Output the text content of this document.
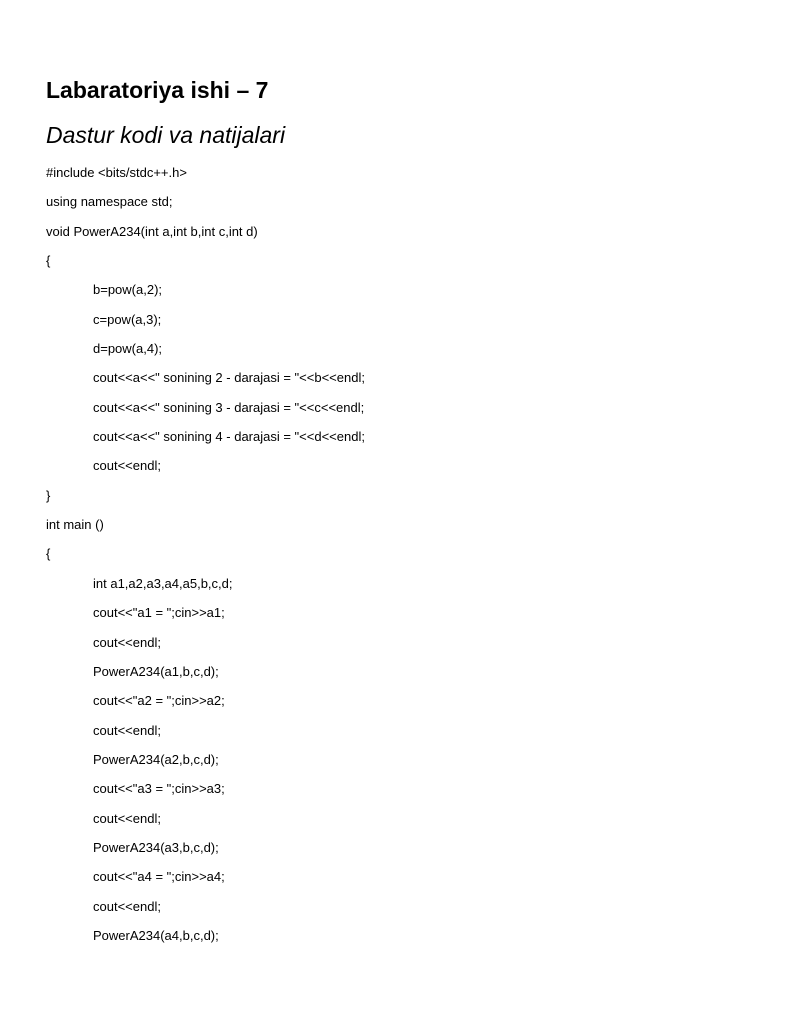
Labaratoriya ishi – 7
Dastur kodi va natijalari
#include <bits/stdc++.h>
using namespace std;
void PowerA234(int a,int b,int c,int d)
{
b=pow(a,2);
c=pow(a,3);
d=pow(a,4);
cout<<a<<" sonining 2 - darajasi = "<<b<<endl;
cout<<a<<" sonining 3 - darajasi = "<<c<<endl;
cout<<a<<" sonining 4 - darajasi = "<<d<<endl;
cout<<endl;
}
int main ()
{
int a1,a2,a3,a4,a5,b,c,d;
cout<<"a1 = ";cin>>a1;
cout<<endl;
PowerA234(a1,b,c,d);
cout<<"a2 = ";cin>>a2;
cout<<endl;
PowerA234(a2,b,c,d);
cout<<"a3 = ";cin>>a3;
cout<<endl;
PowerA234(a3,b,c,d);
cout<<"a4 = ";cin>>a4;
cout<<endl;
PowerA234(a4,b,c,d);
